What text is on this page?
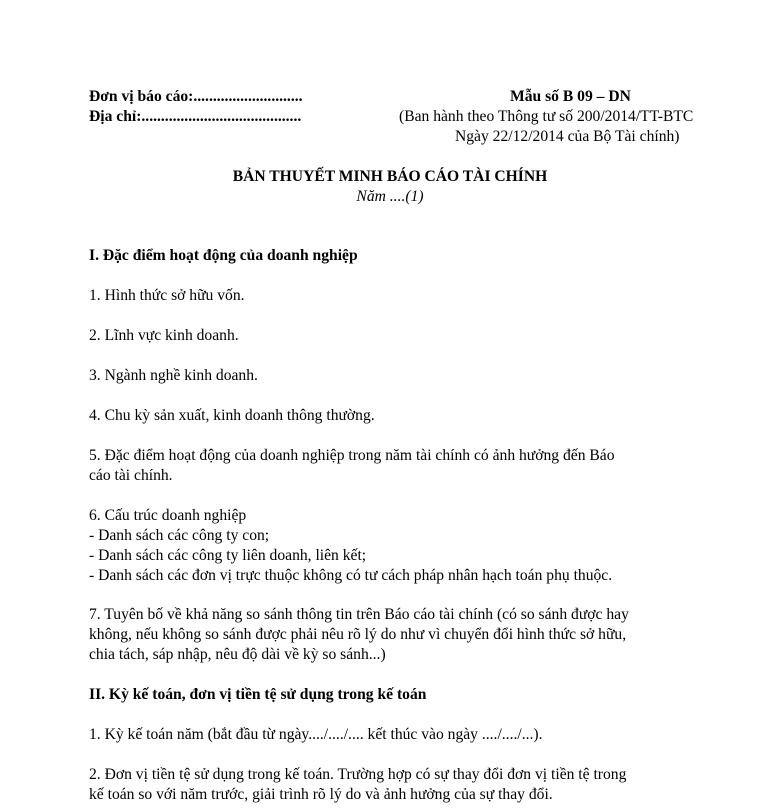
Đơn vị báo cáo:............................
Địa chỉ:.........................................
Mẫu số B 09 – DN
(Ban hành theo Thông tư số 200/2014/TT-BTC
Ngày 22/12/2014 của Bộ Tài chính)
BẢN THUYẾT MINH BÁO CÁO TÀI CHÍNH
Năm ....(1)
I. Đặc điểm hoạt động của doanh nghiệp
1. Hình thức sở hữu vốn.
2. Lĩnh vực kinh doanh.
3. Ngành nghề kinh doanh.
4. Chu kỳ sản xuất, kinh doanh thông thường.
5. Đặc điểm hoạt động của doanh nghiệp trong năm tài chính có ảnh hưởng đến Báo
cáo tài chính.
6. Cấu trúc doanh nghiệp
- Danh sách các công ty con;
- Danh sách các công ty liên doanh, liên kết;
- Danh sách các đơn vị trực thuộc không có tư cách pháp nhân hạch toán phụ thuộc.
7. Tuyên bố về khả năng so sánh thông tin trên Báo cáo tài chính (có so sánh được hay
không, nếu không so sánh được phải nêu rõ lý do như vì chuyển đổi hình thức sở hữu,
chia tách, sáp nhập, nêu độ dài về kỳ so sánh...)
II. Kỳ kế toán, đơn vị tiền tệ sử dụng trong kế toán
1. Kỳ kế toán năm (bắt đầu từ ngày..../..../.... kết thúc vào ngày ..../..../...).
2. Đơn vị tiền tệ sử dụng trong kế toán. Trường hợp có sự thay đổi đơn vị tiền tệ trong
kế toán so với năm trước, giải trình rõ lý do và ảnh hưởng của sự thay đổi.
